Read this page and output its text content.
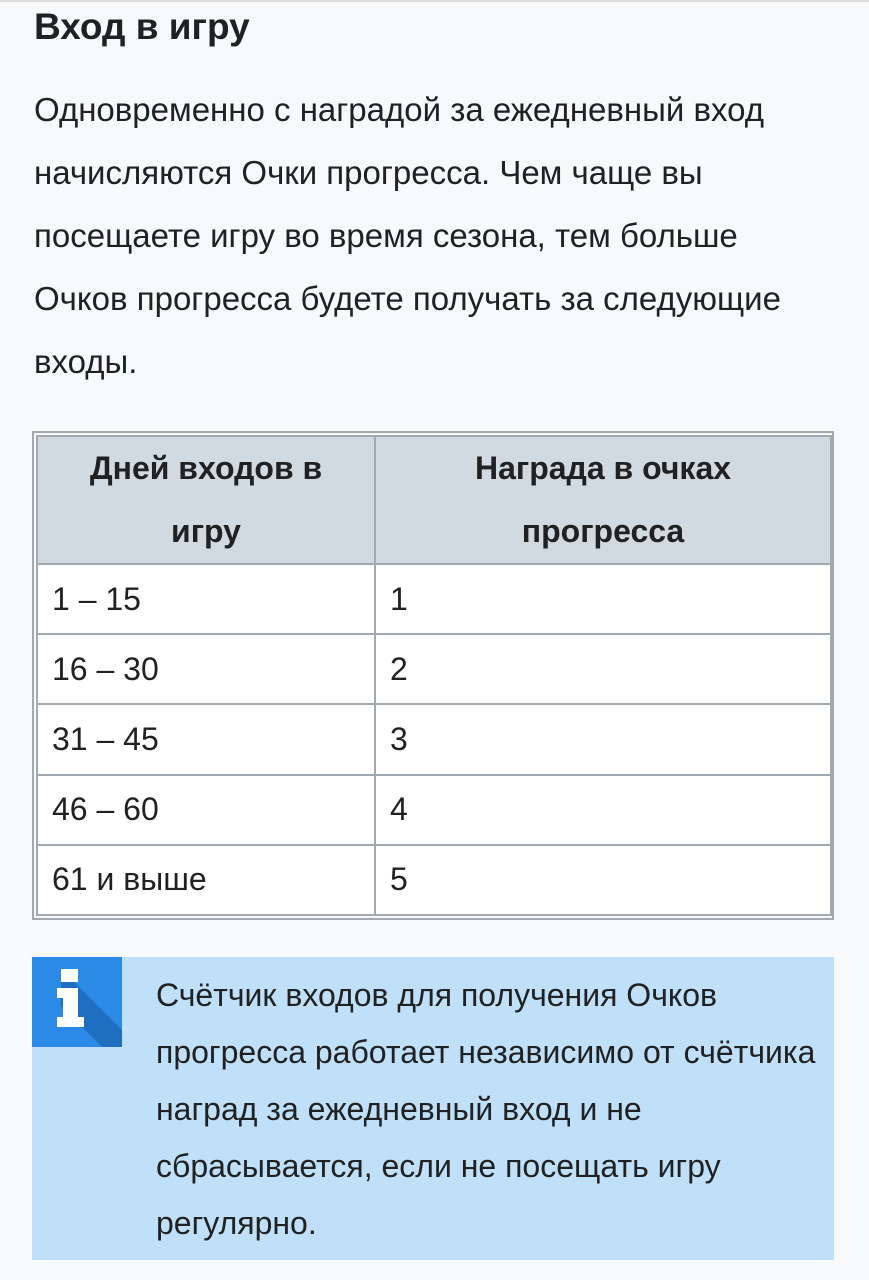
Вход в игру

Одновременно с наградой за ежедневный вход начисляются Очки прогресса. Чем чаще вы посещаете игру во время сезона, тем больше Очков прогресса будете получать за следующие входы.

Дней входов в игру	Награда в очках прогресса
1 – 15	1
16 – 30	2
31 – 45	3
46 – 60	4
61 и выше	5

Счётчик входов для получения Очков прогресса работает независимо от счётчика наград за ежедневный вход и не сбрасывается, если не посещать игру регулярно.
